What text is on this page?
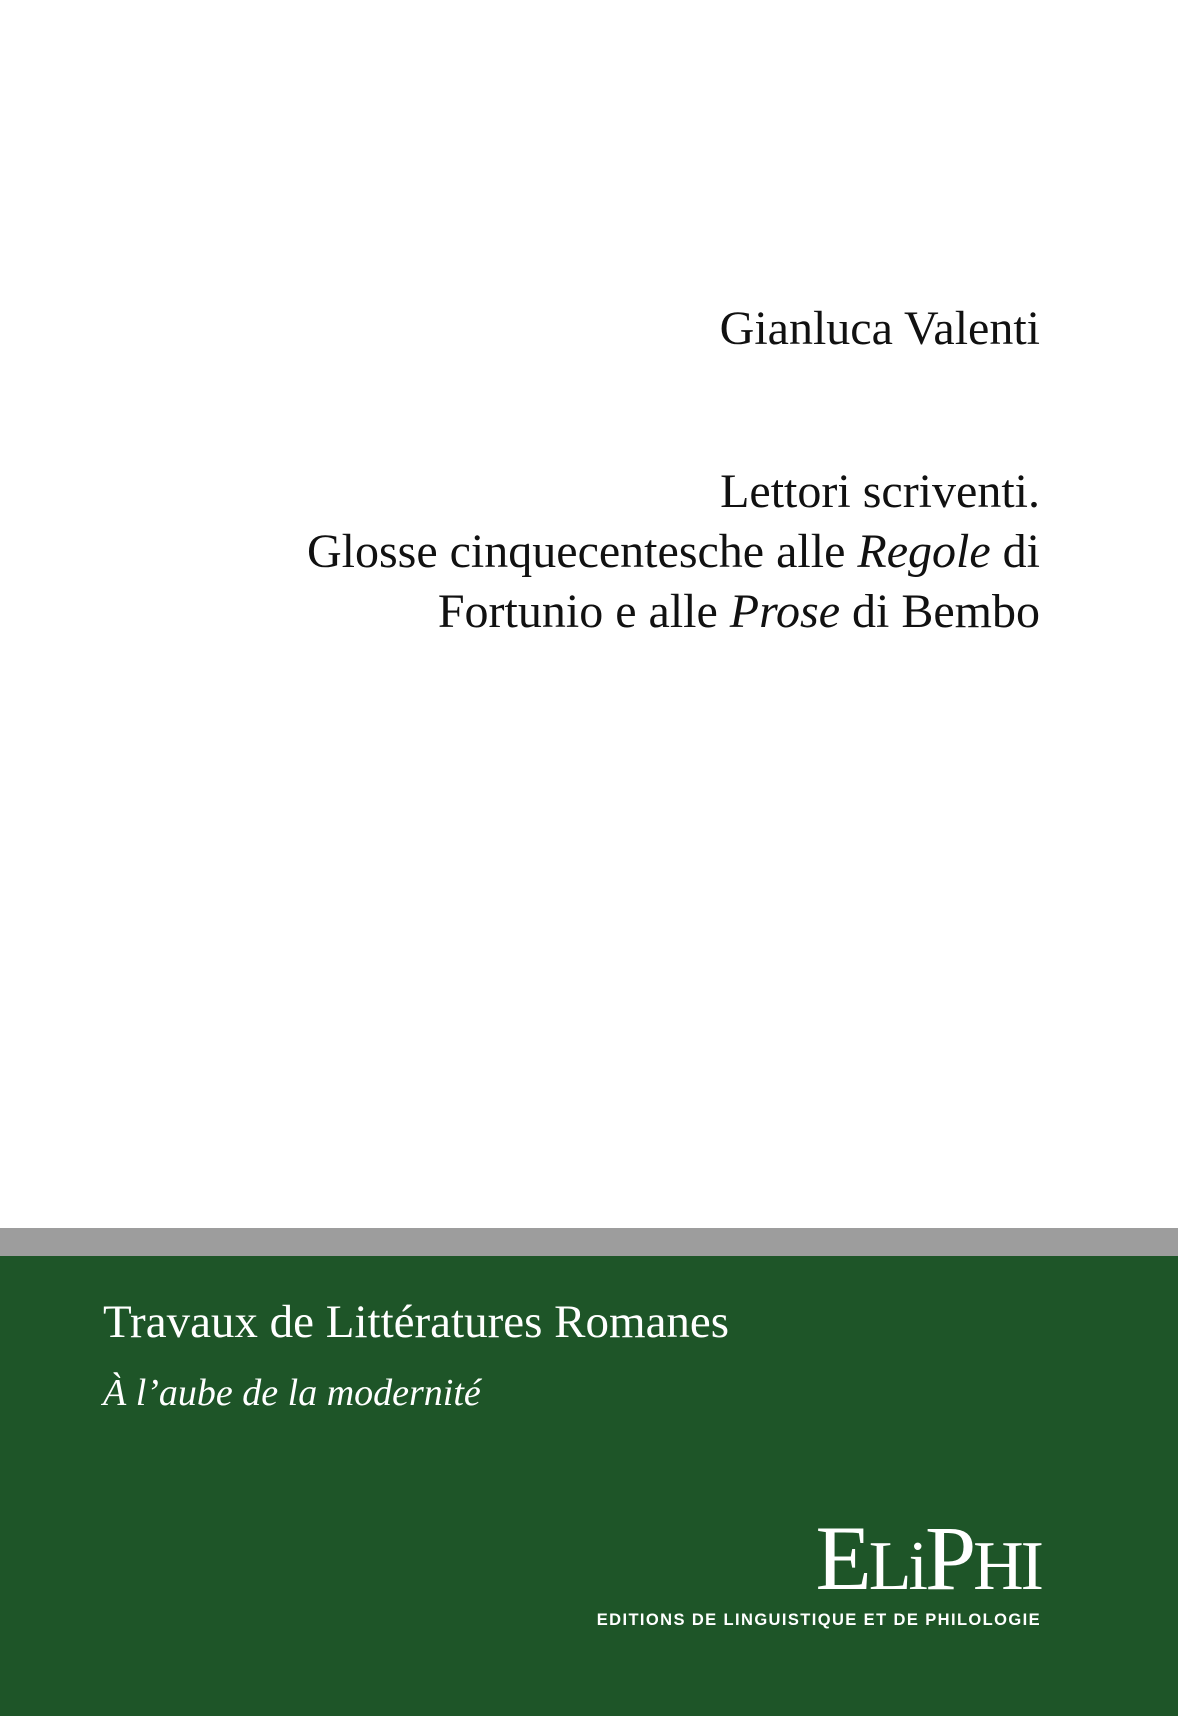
Gianluca Valenti
Lettori scriventi.
Glosse cinquecentesche alle Regole di
Fortunio e alle Prose di Bembo
Travaux de Littératures Romanes
À l’aube de la modernité
ELiPHI
EDITIONS DE LINGUISTIQUE ET DE PHILOLOGIE
